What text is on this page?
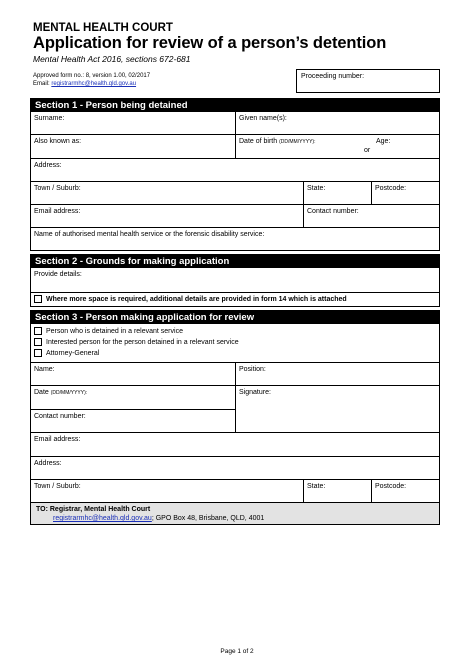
MENTAL HEALTH COURT
Application for review of a person’s detention
Mental Health Act 2016, sections 672-681
Approved form no.: 8, version 1.00, 02/2017
Email: registrarmhc@health.qld.gov.au
Proceeding number:
Section 1 - Person being detained
Surname:	Given name(s):
Also known as:	Date of birth (DD/MM/YYYY):	Age:
or
Address:
Town / Suburb:	State:	Postcode:
Email address:	Contact number:
Name of authorised mental health service or the forensic disability service:
Section 2 - Grounds for making application
Provide details:
Where more space is required, additional details are provided in form 14 which is attached
Section 3 - Person making application for review
Person who is detained in a relevant service
Interested person for the person detained in a relevant service
Attorney-General
Name:	Position:
Date (DD/MM/YYYY):
Contact number:
Signature:
Email address:
Address:
Town / Suburb:	State:	Postcode:
TO: Registrar, Mental Health Court
registrarmhc@health.qld.gov.au; GPO Box 48, Brisbane, QLD, 4001
Page 1 of 2
